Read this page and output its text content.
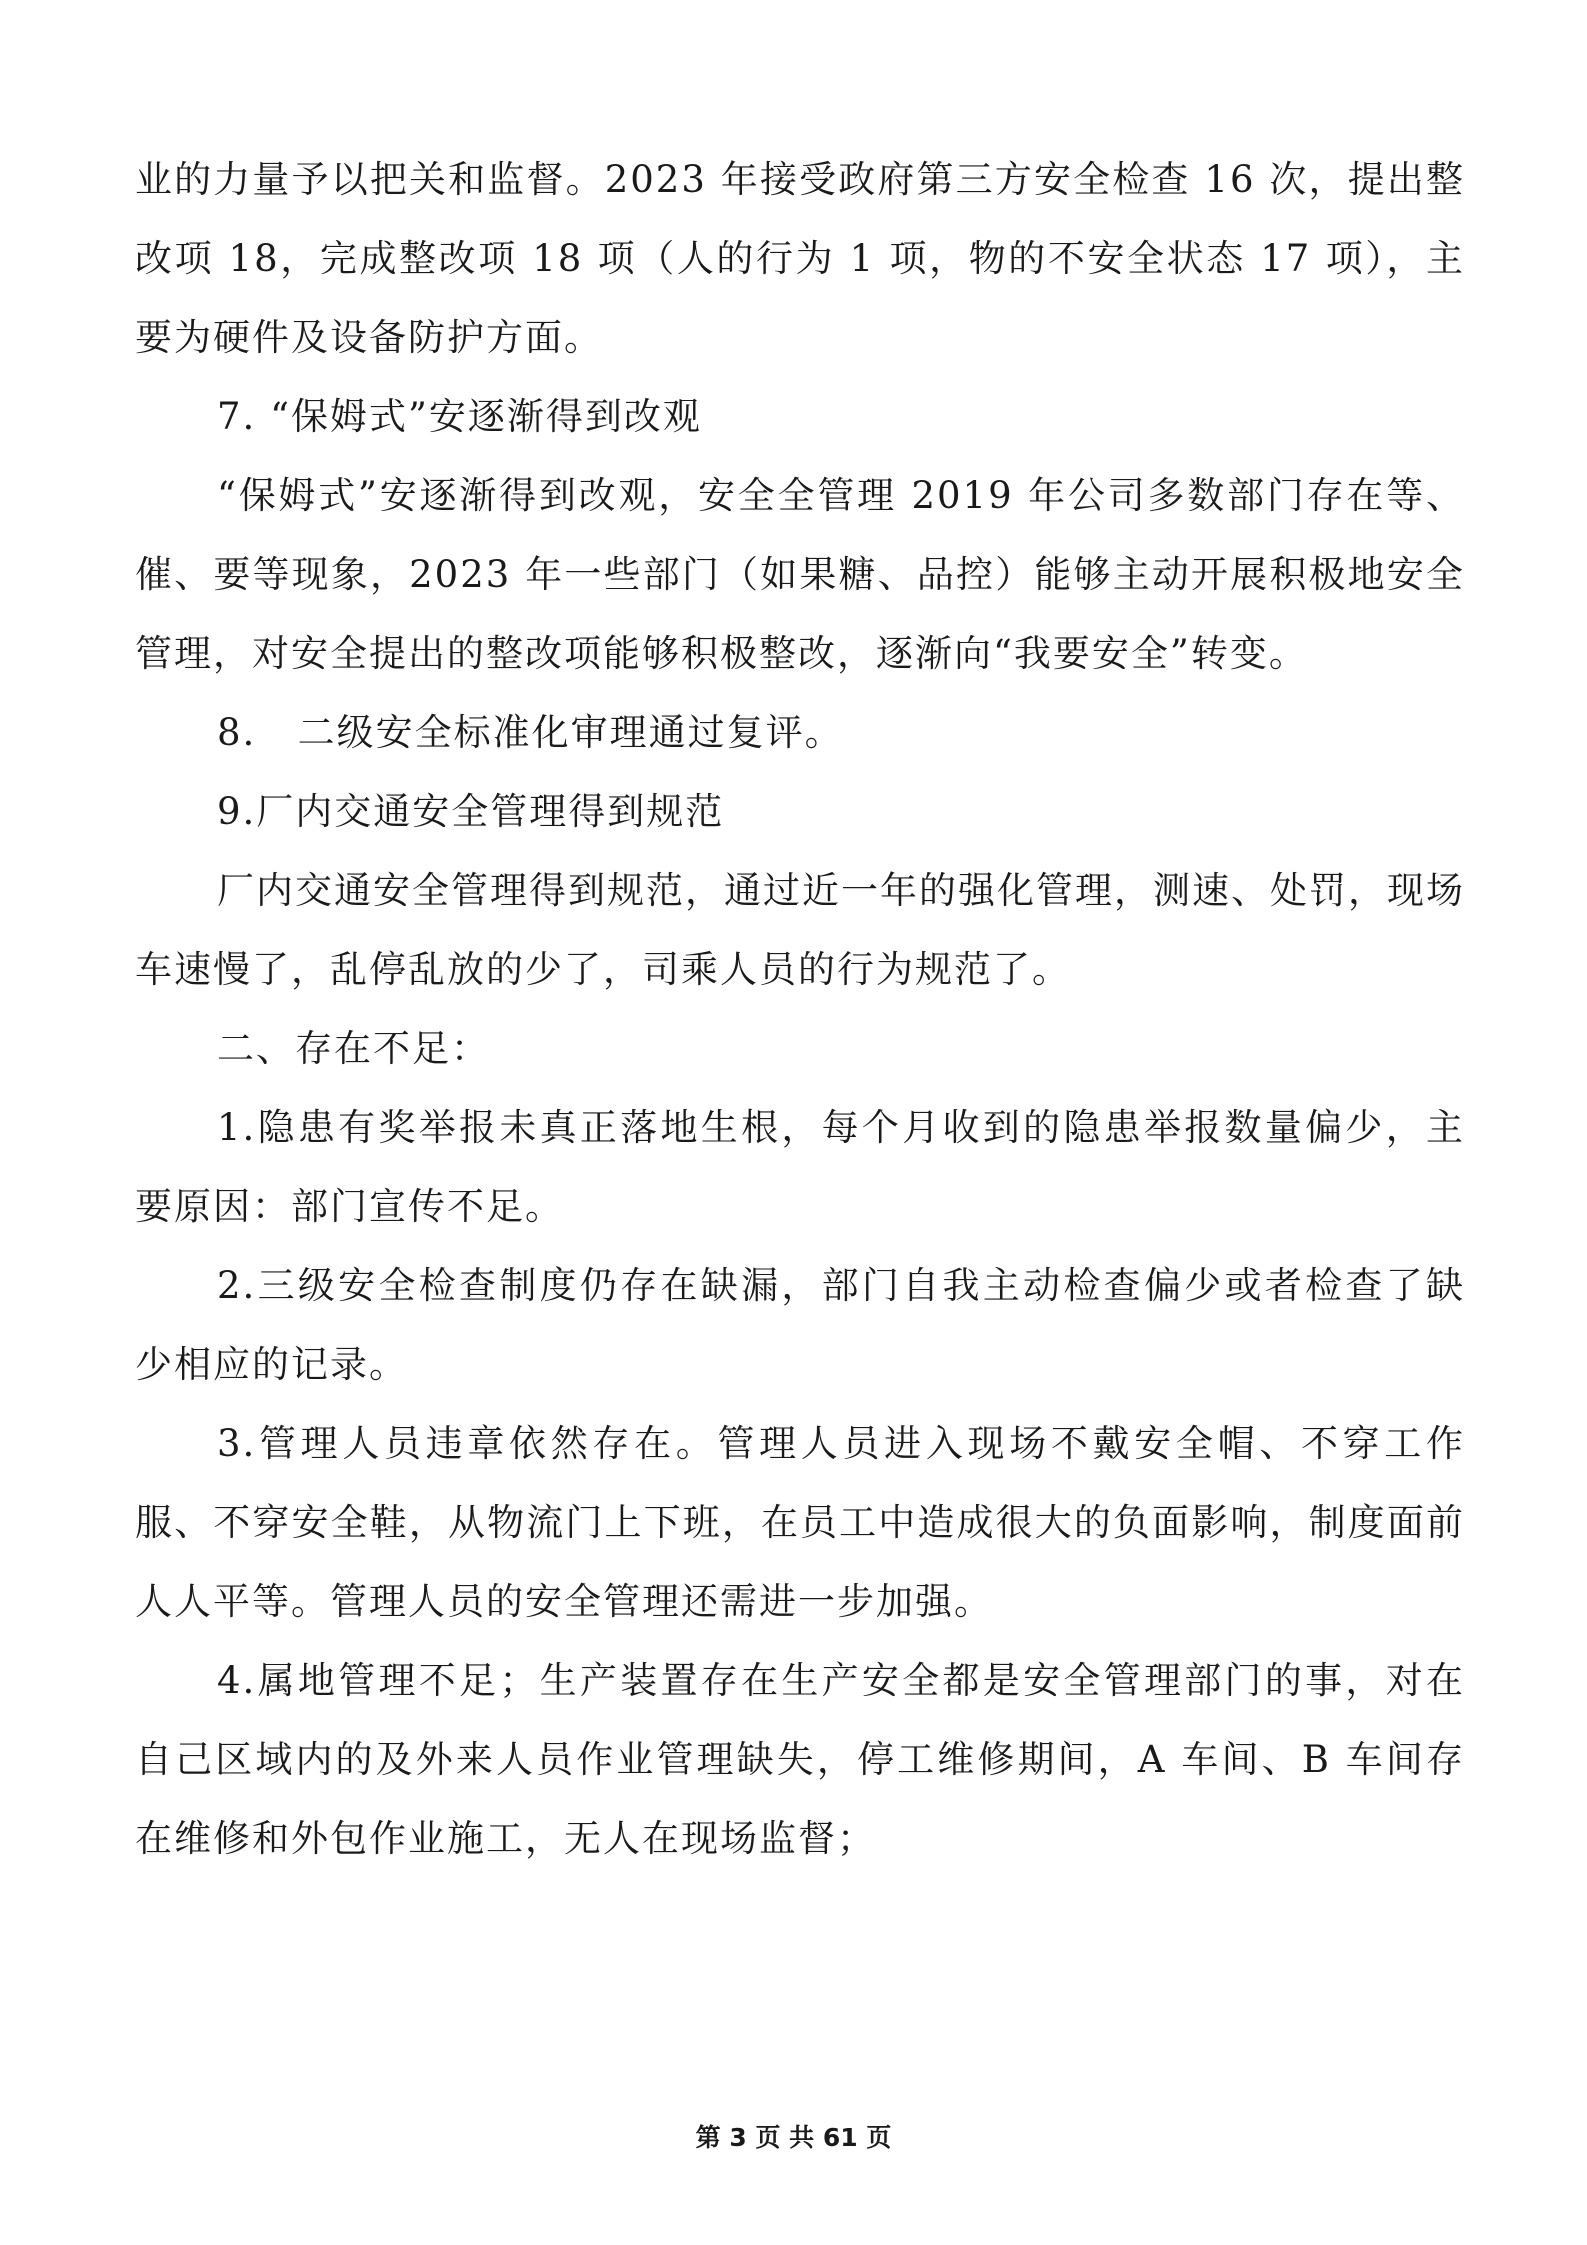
业的力量予以把关和监督。2023 年接受政府第三方安全检查 16 次，提出整改项 18，完成整改项 18 项（人的行为 1 项，物的不安全状态 17 项），主要为硬件及设备防护方面。

7. “保姆式”安逐渐得到改观

“保姆式”安逐渐得到改观，安全全管理 2019 年公司多数部门存在等、催、要等现象，2023 年一些部门（如果糖、品控）能够主动开展积极地安全管理，对安全提出的整改项能够积极整改，逐渐向“我要安全”转变。

8.   二级安全标准化审理通过复评。

9.厂内交通安全管理得到规范

厂内交通安全管理得到规范，通过近一年的强化管理，测速、处罚，现场车速慢了，乱停乱放的少了，司乘人员的行为规范了。

二、存在不足：

1.隐患有奖举报未真正落地生根，每个月收到的隐患举报数量偏少，主要原因：部门宣传不足。

2.三级安全检查制度仍存在缺漏，部门自我主动检查偏少或者检查了缺少相应的记录。

3.管理人员违章依然存在。管理人员进入现场不戴安全帽、不穿工作服、不穿安全鞋，从物流门上下班，在员工中造成很大的负面影响，制度面前人人平等。管理人员的安全管理还需进一步加强。

4.属地管理不足；生产装置存在生产安全都是安全管理部门的事，对在自己区域内的及外来人员作业管理缺失，停工维修期间，A 车间、B 车间存在维修和外包作业施工，无人在现场监督；

第 3 页 共 61 页
